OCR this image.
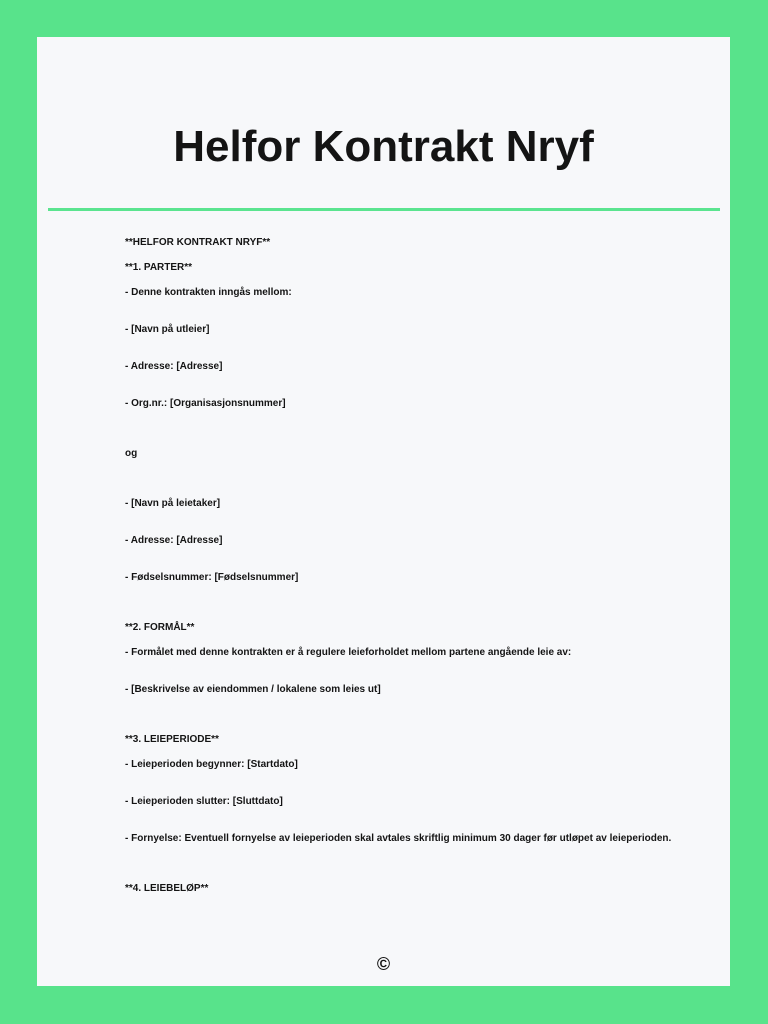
Helfor Kontrakt Nryf

**HELFOR KONTRAKT NRYF**

**1. PARTER**

- Denne kontrakten inngås mellom:

- [Navn på utleier]

- Adresse: [Adresse]

- Org.nr.: [Organisasjonsnummer]

og

- [Navn på leietaker]

- Adresse: [Adresse]

- Fødselsnummer: [Fødselsnummer]

**2. FORMÅL**

- Formålet med denne kontrakten er å regulere leieforholdet mellom partene angående leie av:

- [Beskrivelse av eiendommen / lokalene som leies ut]

**3. LEIEPERIODE**

- Leieperioden begynner: [Startdato]

- Leieperioden slutter: [Sluttdato]

- Fornyelse: Eventuell fornyelse av leieperioden skal avtales skriftlig minimum 30 dager før utløpet av leieperioden.

**4. LEIEBELØP**

©
